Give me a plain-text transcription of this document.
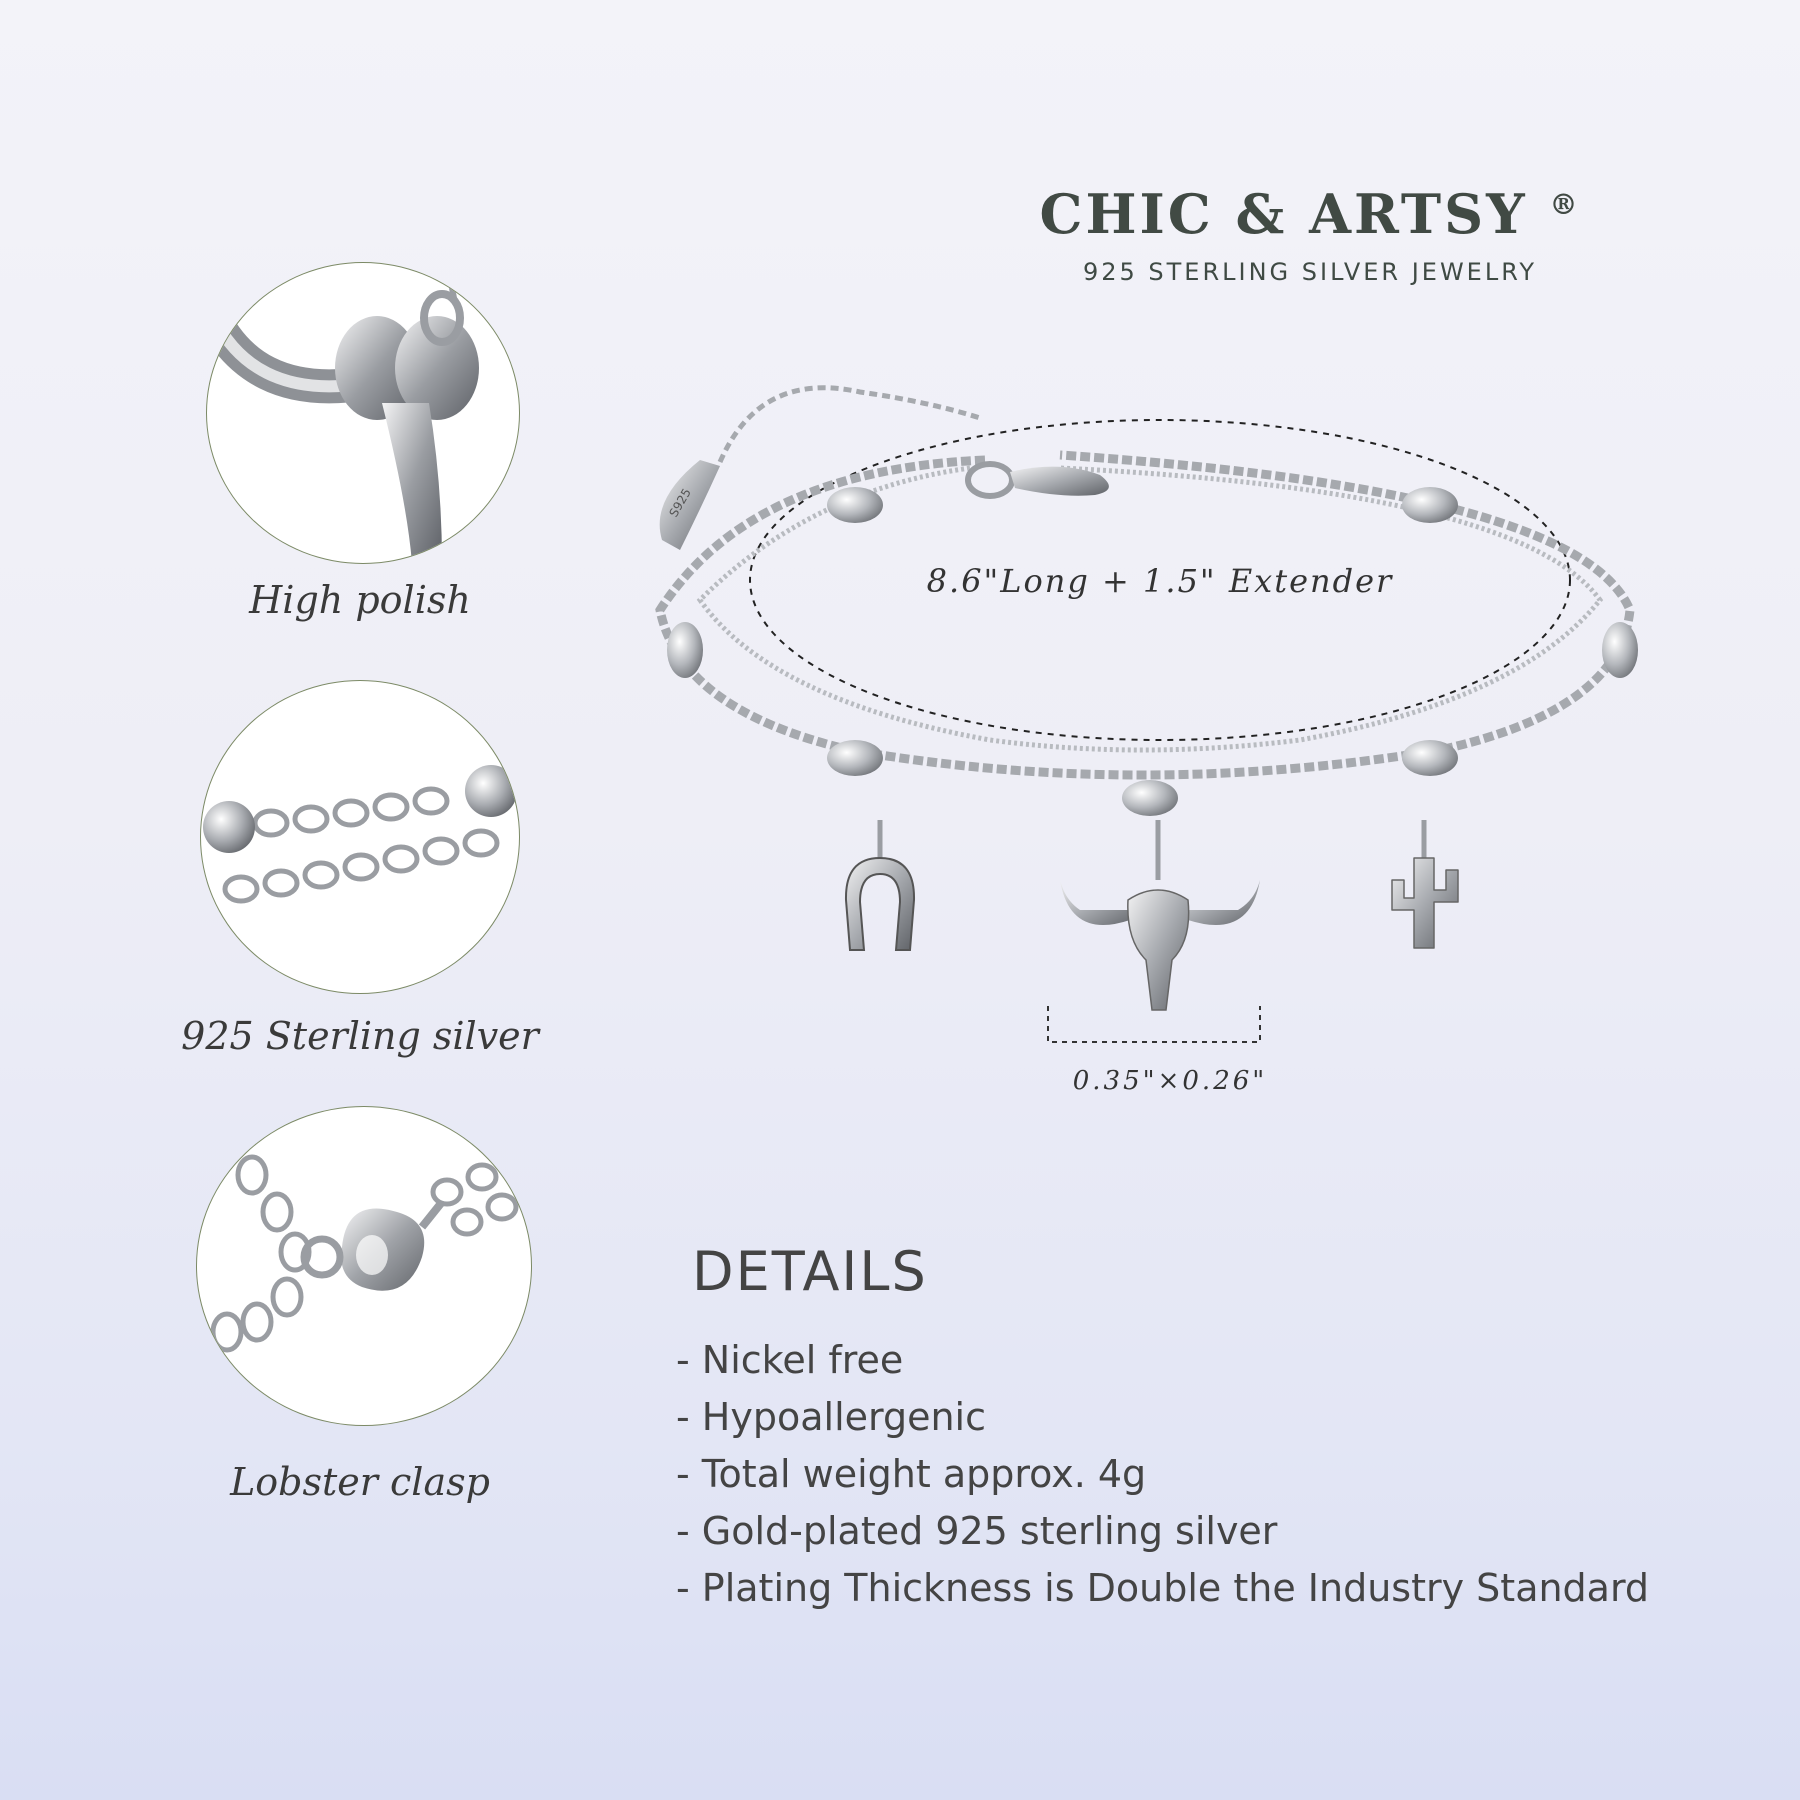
CHIC & ARTSY ®
925 STERLING SILVER JEWELRY
High polish
925 Sterling silver
Lobster clasp
S925
8.6"Long + 1.5" Extender
0.35"×0.26"
DETAILS
- Nickel free
- Hypoallergenic
- Total weight approx. 4g
- Gold-plated 925 sterling silver
- Plating Thickness is Double the Industry Standard
